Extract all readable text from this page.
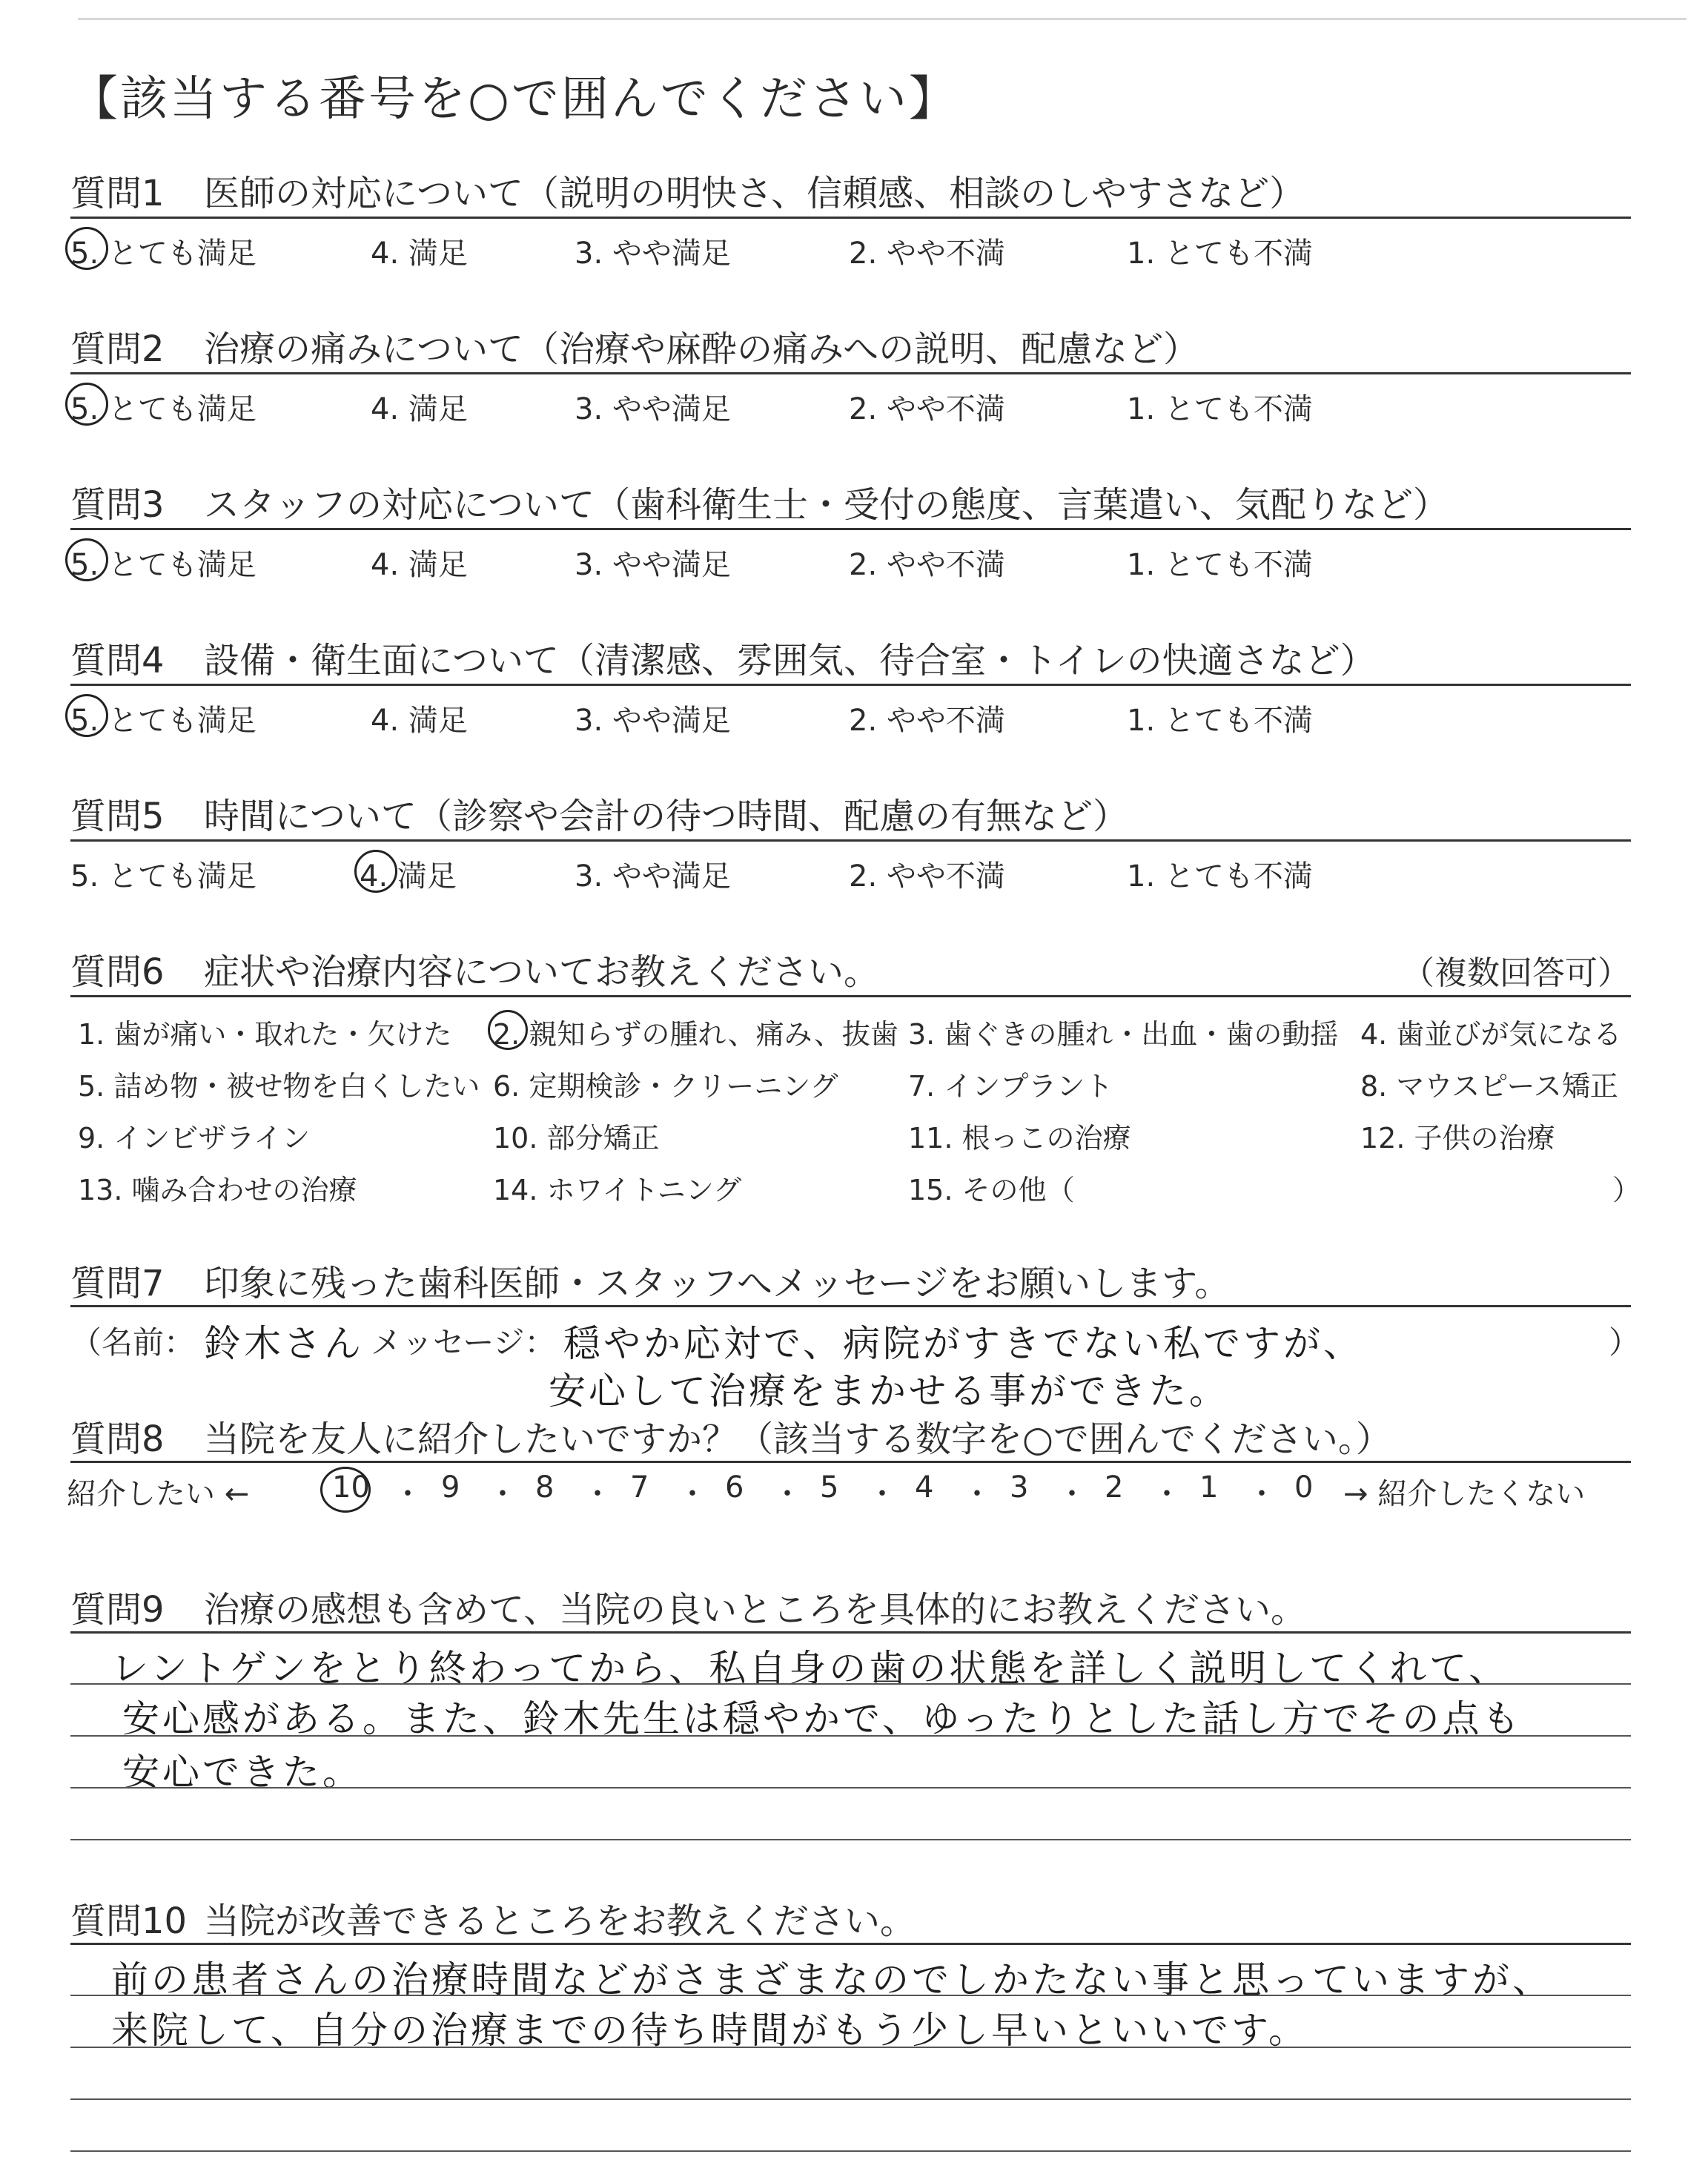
【該当する番号を○で囲んでください】
質問1 医師の対応について（説明の明快さ、信頼感、相談のしやすさなど）
5. とても満足	4. 満足	3. やや満足	2. やや不満	1. とても不満
質問2 治療の痛みについて（治療や麻酔の痛みへの説明、配慮など）
5. とても満足	4. 満足	3. やや満足	2. やや不満	1. とても不満
質問3 スタッフの対応について（歯科衛生士・受付の態度、言葉遣い、気配りなど）
5. とても満足	4. 満足	3. やや満足	2. やや不満	1. とても不満
質問4 設備・衛生面について（清潔感、雰囲気、待合室・トイレの快適さなど）
5. とても満足	4. 満足	3. やや満足	2. やや不満	1. とても不満
質問5 時間について（診察や会計の待つ時間、配慮の有無など）
5. とても満足	4. 満足	3. やや満足	2. やや不満	1. とても不満
質問6 症状や治療内容についてお教えください。	（複数回答可）
1. 歯が痛い・取れた・欠けた 2. 親知らずの腫れ、痛み、抜歯 3. 歯ぐきの腫れ・出血・歯の動揺 4. 歯並びが気になる
5. 詰め物・被せ物を白くしたい 6. 定期検診・クリーニング 7. インプラント	8. マウスピース矯正
9. インビザライン	10. 部分矯正	11. 根っこの治療	12. 子供の治療
13. 噛み合わせの治療	14. ホワイトニング	15. その他（	）
質問7 印象に残った歯科医師・スタッフへメッセージをお願いします。
（名前： 鈴木さん メッセージ： 穏やか応対で、病院がすきでない私ですが、	）
安心して治療をまかせる事ができた。
質問8 当院を友人に紹介したいですか？（該当する数字を○で囲んでください。）
紹介したい ←	10 ・ 9 ・ 8 ・ 7 ・ 6 ・ 5 ・ 4 ・ 3 ・ 2 ・ 1 ・ 0 → 紹介したくない
質問9 治療の感想も含めて、当院の良いところを具体的にお教えください。
レントゲンをとり終わってから、私自身の歯の状態を詳しく説明してくれて、
安心感がある。また、鈴木先生は穏やかで、ゆったりとした話し方でその点も
安心できた。
質問10 当院が改善できるところをお教えください。
前の患者さんの治療時間などがさまざまなのでしかたない事と思っていますが、
来院して、自分の治療までの待ち時間がもう少し早いといいです。
